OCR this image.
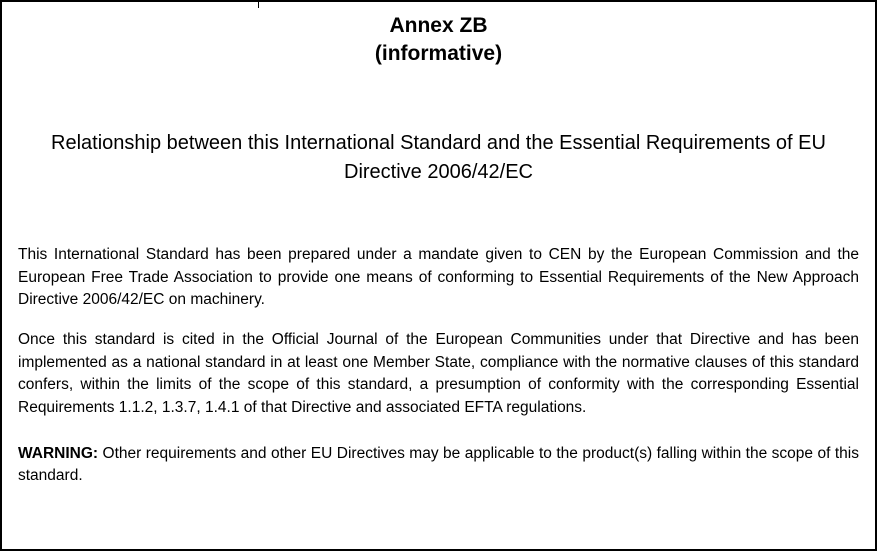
Annex ZB
(informative)
Relationship between this International Standard and the Essential Requirements of EU Directive 2006/42/EC

This International Standard has been prepared under a mandate given to CEN by the European Commission and the European Free Trade Association to provide one means of conforming to Essential Requirements of the New Approach Directive 2006/42/EC on machinery.

Once this standard is cited in the Official Journal of the European Communities under that Directive and has been implemented as a national standard in at least one Member State, compliance with the normative clauses of this standard confers, within the limits of the scope of this standard, a presumption of conformity with the corresponding Essential Requirements 1.1.2, 1.3.7, 1.4.1 of that Directive and associated EFTA regulations.

WARNING: Other requirements and other EU Directives may be applicable to the product(s) falling within the scope of this standard.
